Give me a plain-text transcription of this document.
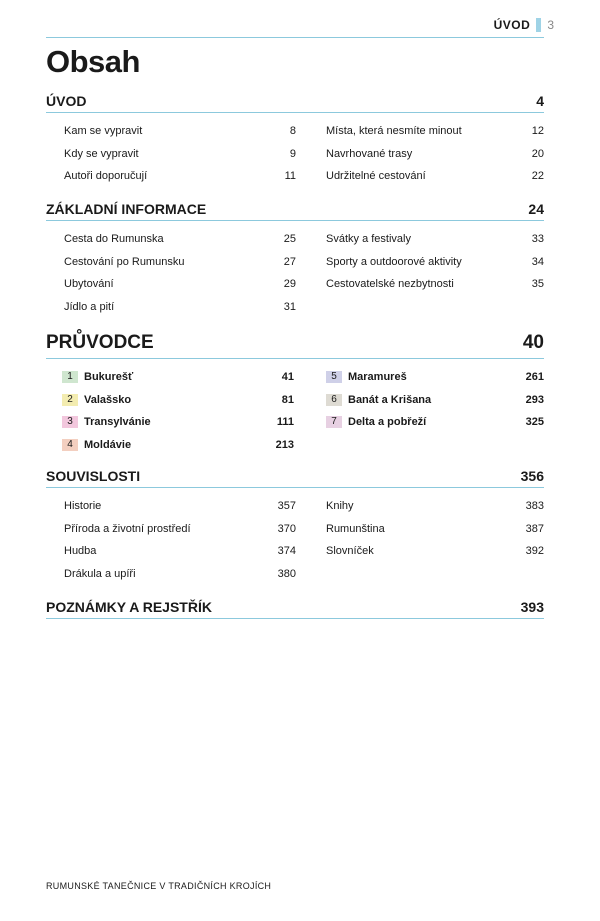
ÚVOD 3
Obsah
ÚVOD	4
Kam se vypravit	8
Kdy se vypravit	9
Autoři doporučují	11
Místa, která nesmíte minout	12
Navrhované trasy	20
Udržitelné cestování	22
ZÁKLADNÍ INFORMACE	24
Cesta do Rumunska	25
Cestování po Rumunsku	27
Ubytování	29
Jídlo a pití	31
Svátky a festivaly	33
Sporty a outdoorové aktivity	34
Cestovatelské nezbytnosti	35
PRŮVODCE	40
1	Bukurešť	41
2	Valašsko	81
3	Transylvánie	111
4	Moldávie	213
5	Maramureš	261
6	Banát a Krišana	293
7	Delta a pobřeží	325
SOUVISLOSTI	356
Historie	357
Příroda a životní prostředí	370
Hudba	374
Drákula a upíři	380
Knihy	383
Rumunština	387
Slovníček	392
POZNÁMKY A REJSTŘÍK	393
RUMUNSKÉ TANEČNICE V TRADIČNÍCH KROJÍCH
